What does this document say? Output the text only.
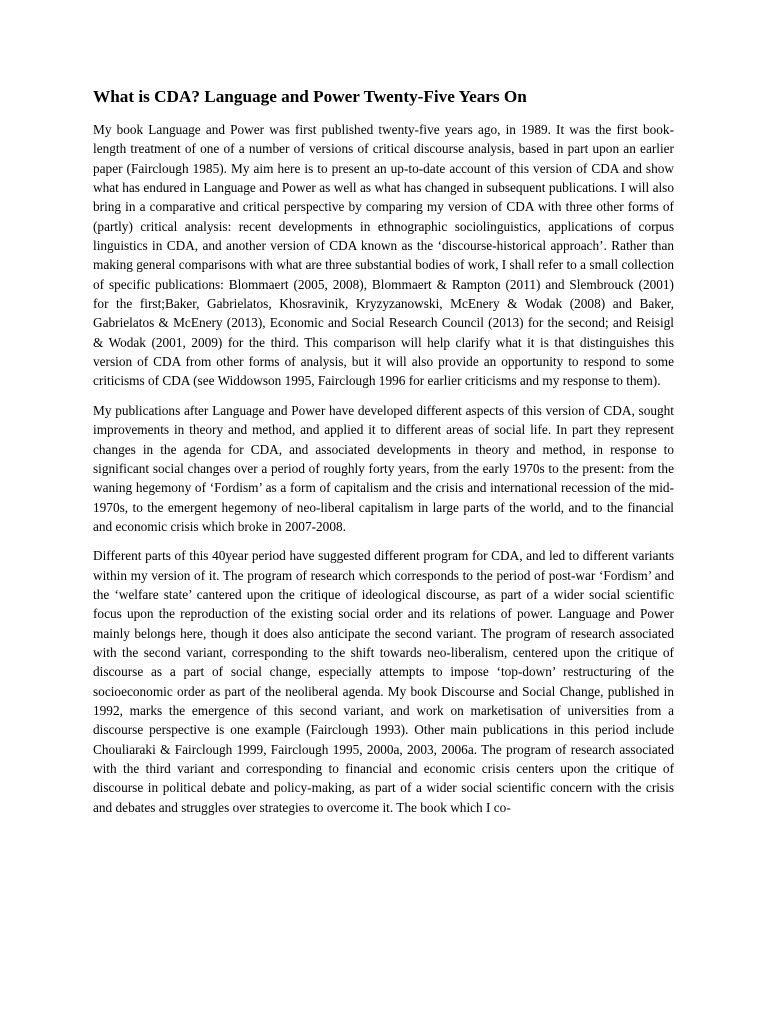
What is CDA? Language and Power Twenty-Five Years On

My book Language and Power was first published twenty-five years ago, in 1989. It was the first book-length treatment of one of a number of versions of critical discourse analysis, based in part upon an earlier paper (Fairclough 1985). My aim here is to present an up-to-date account of this version of CDA and show what has endured in Language and Power as well as what has changed in subsequent publications. I will also bring in a comparative and critical perspective by comparing my version of CDA with three other forms of (partly) critical analysis: recent developments in ethnographic sociolinguistics, applications of corpus linguistics in CDA, and another version of CDA known as the ‘discourse-historical approach’. Rather than making general comparisons with what are three substantial bodies of work, I shall refer to a small collection of specific publications: Blommaert (2005, 2008), Blommaert & Rampton (2011) and Slembrouck (2001) for the first;Baker, Gabrielatos, Khosravinik, Kryzyzanowski, McEnery & Wodak (2008) and Baker, Gabrielatos & McEnery (2013), Economic and Social Research Council (2013) for the second; and Reisigl & Wodak (2001, 2009) for the third. This comparison will help clarify what it is that distinguishes this version of CDA from other forms of analysis, but it will also provide an opportunity to respond to some criticisms of CDA (see Widdowson 1995, Fairclough 1996 for earlier criticisms and my response to them).

My publications after Language and Power have developed different aspects of this version of CDA, sought improvements in theory and method, and applied it to different areas of social life. In part they represent changes in the agenda for CDA, and associated developments in theory and method, in response to significant social changes over a period of roughly forty years, from the early 1970s to the present: from the waning hegemony of ‘Fordism’ as a form of capitalism and the crisis and international recession of the mid-1970s, to the emergent hegemony of neo-liberal capitalism in large parts of the world, and to the financial and economic crisis which broke in 2007-2008.

Different parts of this 40year period have suggested different program for CDA, and led to different variants within my version of it. The program of research which corresponds to the period of post-war ‘Fordism’ and the ‘welfare state’ cantered upon the critique of ideological discourse, as part of a wider social scientific focus upon the reproduction of the existing social order and its relations of power. Language and Power mainly belongs here, though it does also anticipate the second variant. The program of research associated with the second variant, corresponding to the shift towards neo-liberalism, centered upon the critique of discourse as a part of social change, especially attempts to impose ‘top-down’ restructuring of the socioeconomic order as part of the neoliberal agenda. My book Discourse and Social Change, published in 1992, marks the emergence of this second variant, and work on marketisation of universities from a discourse perspective is one example (Fairclough 1993). Other main publications in this period include Chouliaraki & Fairclough 1999, Fairclough 1995, 2000a, 2003, 2006a. The program of research associated with the third variant and corresponding to financial and economic crisis centers upon the critique of discourse in political debate and policy-making, as part of a wider social scientific concern with the crisis and debates and struggles over strategies to overcome it. The book which I co-
